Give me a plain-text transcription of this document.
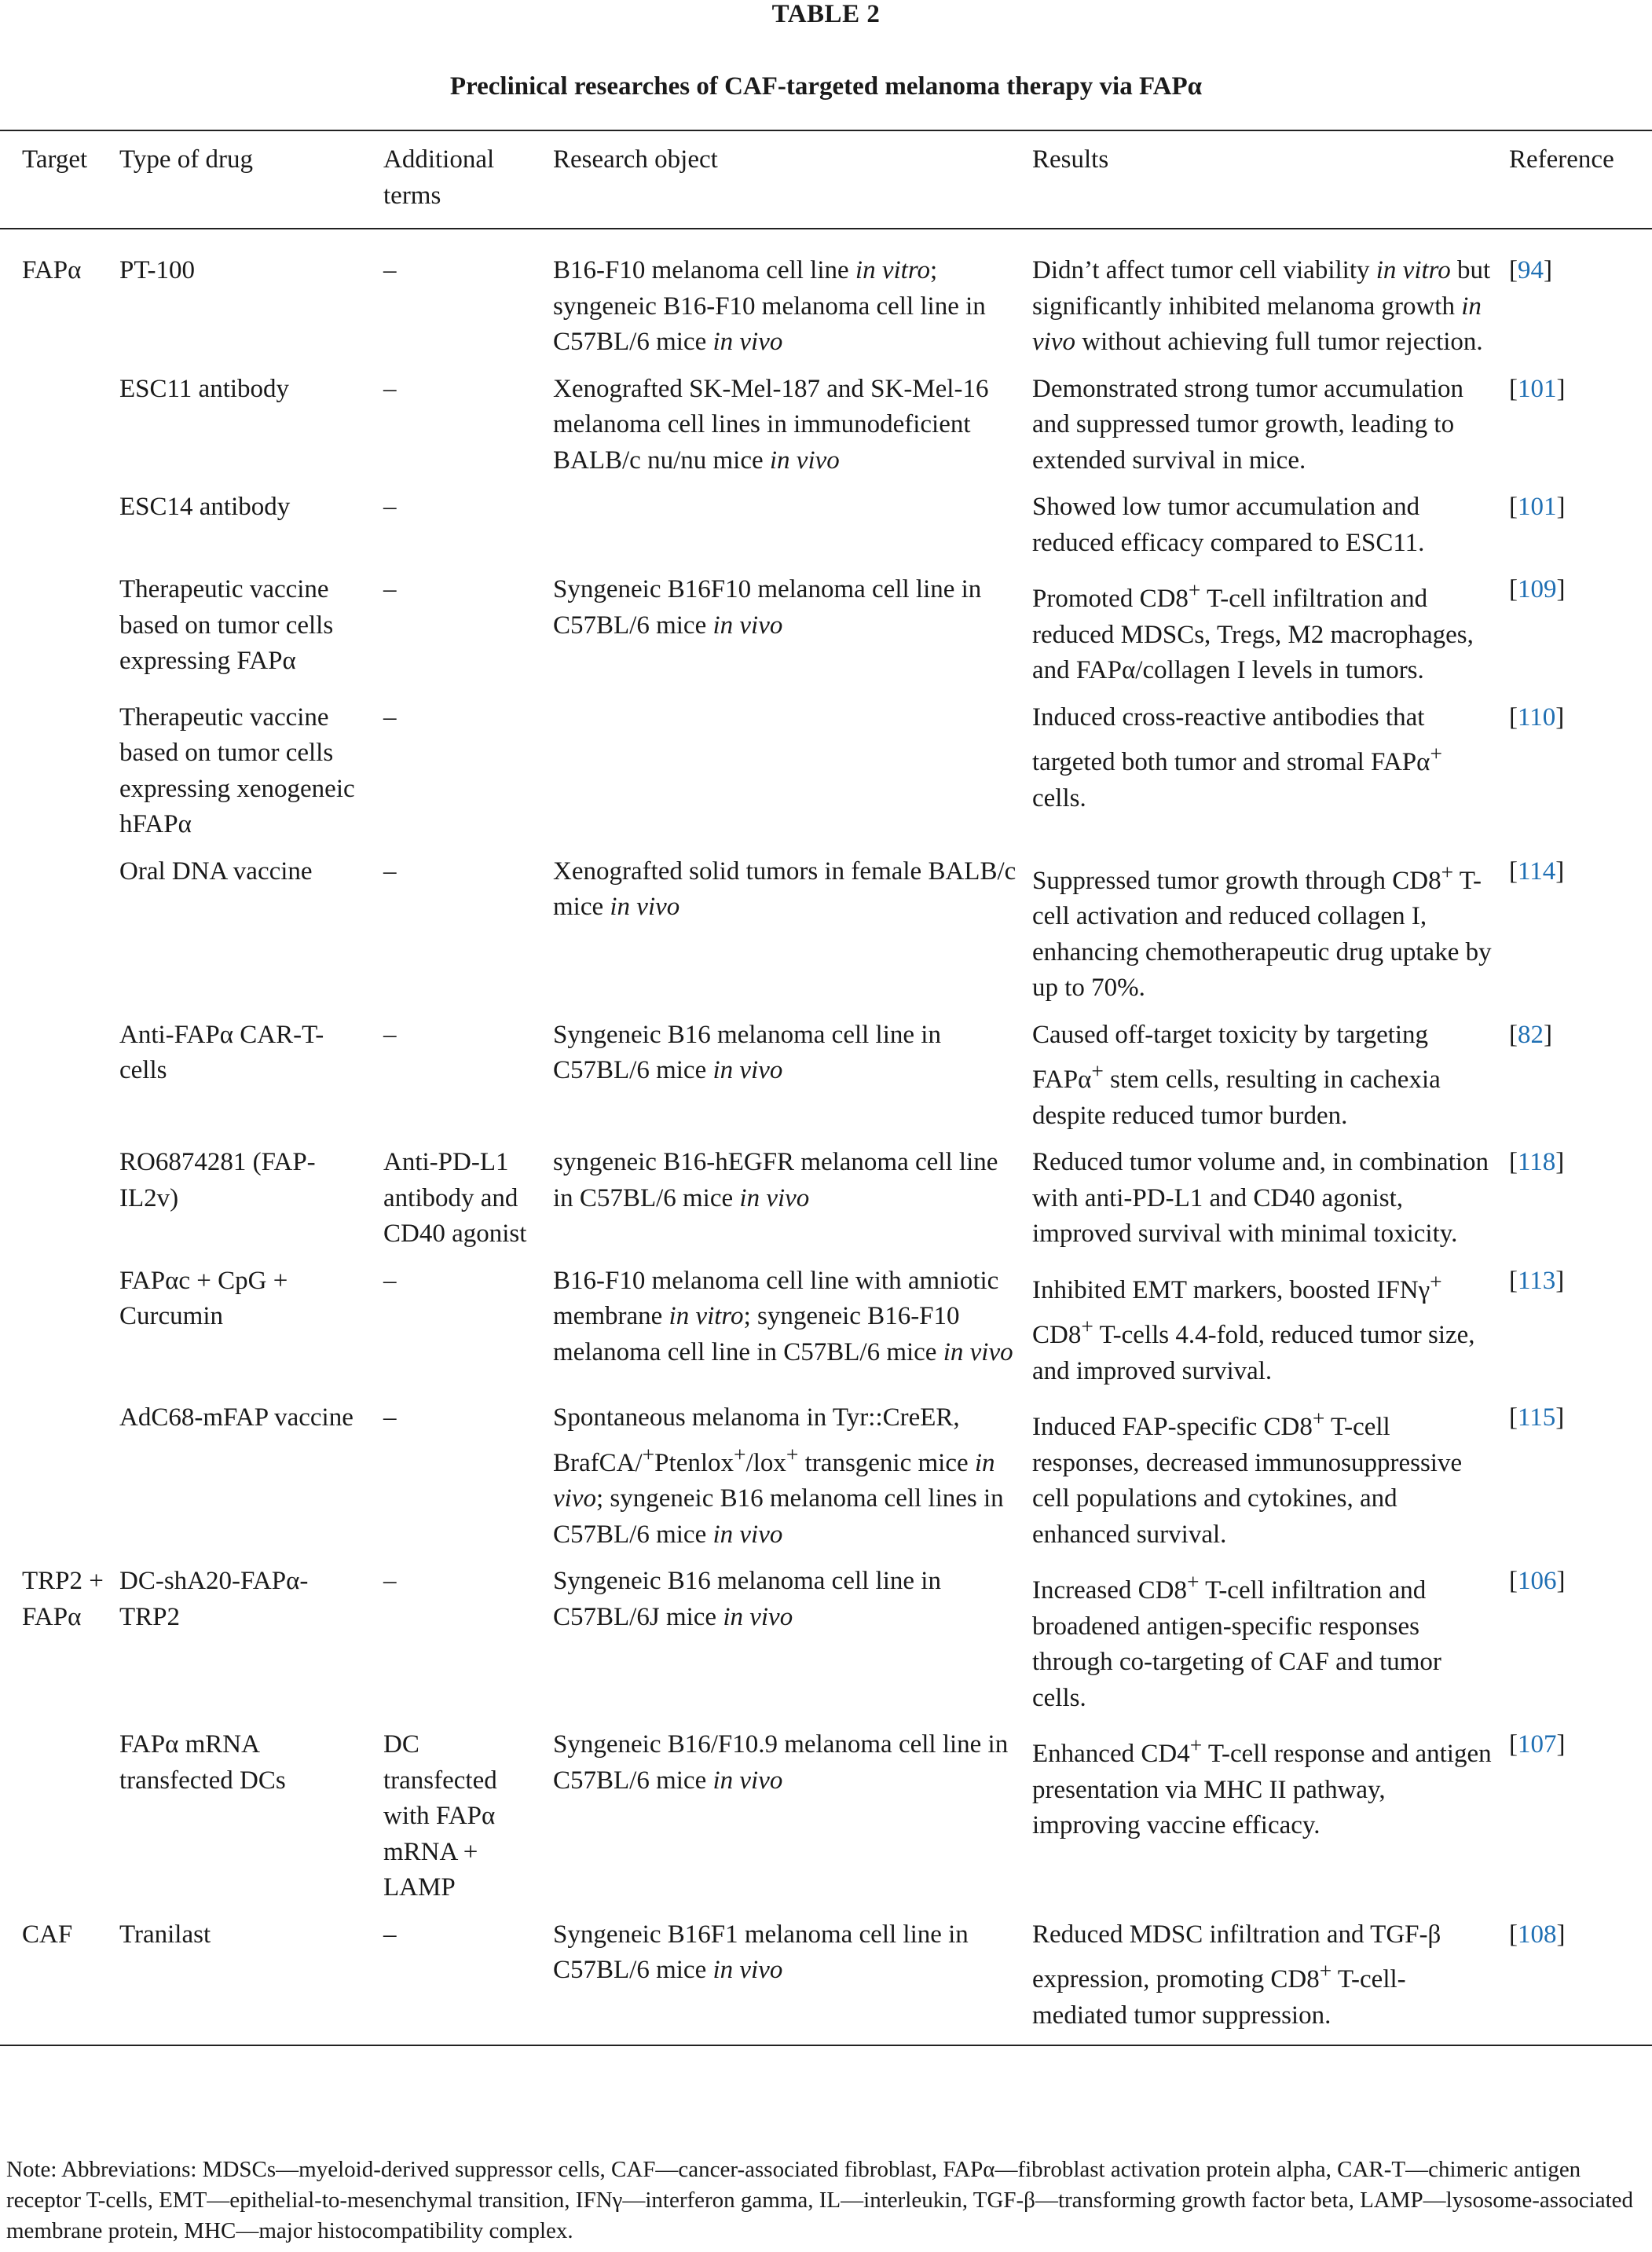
TABLE 2
Preclinical researches of CAF-targeted melanoma therapy via FAPα
Target	Type of drug	Additional terms	Research object	Results	Reference
FAPα	PT-100	–	B16-F10 melanoma cell line in vitro; syngeneic B16-F10 melanoma cell line in C57BL/6 mice in vivo	Didn’t affect tumor cell viability in vitro but significantly inhibited melanoma growth in vivo without achieving full tumor rejection.	[94]
	ESC11 antibody	–	Xenografted SK-Mel-187 and SK-Mel-16 melanoma cell lines in immunodeficient BALB/c nu/nu mice in vivo	Demonstrated strong tumor accumulation and suppressed tumor growth, leading to extended survival in mice.	[101]
	ESC14 antibody	–		Showed low tumor accumulation and reduced efficacy compared to ESC11.	[101]
	Therapeutic vaccine based on tumor cells expressing FAPα	–	Syngeneic B16F10 melanoma cell line in C57BL/6 mice in vivo	Promoted CD8+ T-cell infiltration and reduced MDSCs, Tregs, M2 macrophages, and FAPα/collagen I levels in tumors.	[109]
	Therapeutic vaccine based on tumor cells expressing xenogeneic hFAPα	–		Induced cross-reactive antibodies that targeted both tumor and stromal FAPα+ cells.	[110]
	Oral DNA vaccine	–	Xenografted solid tumors in female BALB/c mice in vivo	Suppressed tumor growth through CD8+ T-cell activation and reduced collagen I, enhancing chemotherapeutic drug uptake by up to 70%.	[114]
	Anti-FAPα CAR-T-cells	–	Syngeneic B16 melanoma cell line in C57BL/6 mice in vivo	Caused off-target toxicity by targeting FAPα+ stem cells, resulting in cachexia despite reduced tumor burden.	[82]
	RO6874281 (FAP-IL2v)	Anti-PD-L1 antibody and CD40 agonist	syngeneic B16-hEGFR melanoma cell line in C57BL/6 mice in vivo	Reduced tumor volume and, in combination with anti-PD-L1 and CD40 agonist, improved survival with minimal toxicity.	[118]
	FAPαc + CpG + Curcumin	–	B16-F10 melanoma cell line with amniotic membrane in vitro; syngeneic B16-F10 melanoma cell line in C57BL/6 mice in vivo	Inhibited EMT markers, boosted IFNγ+ CD8+ T-cells 4.4-fold, reduced tumor size, and improved survival.	[113]
	AdC68-mFAP vaccine	–	Spontaneous melanoma in Tyr::CreER, BrafCA/+Ptenlox+/lox+ transgenic mice in vivo; syngeneic B16 melanoma cell lines in C57BL/6 mice in vivo	Induced FAP-specific CD8+ T-cell responses, decreased immunosuppressive cell populations and cytokines, and enhanced survival.	[115]
TRP2 + FAPα	DC-shA20-FAPα-TRP2	–	Syngeneic B16 melanoma cell line in C57BL/6J mice in vivo	Increased CD8+ T-cell infiltration and broadened antigen-specific responses through co-targeting of CAF and tumor cells.	[106]
	FAPα mRNA transfected DCs	DC transfected with FAPα mRNA + LAMP	Syngeneic B16/F10.9 melanoma cell line in C57BL/6 mice in vivo	Enhanced CD4+ T-cell response and antigen presentation via MHC II pathway, improving vaccine efficacy.	[107]
CAF	Tranilast	–	Syngeneic B16F1 melanoma cell line in C57BL/6 mice in vivo	Reduced MDSC infiltration and TGF-β expression, promoting CD8+ T-cell-mediated tumor suppression.	[108]
Note: Abbreviations: MDSCs—myeloid-derived suppressor cells, CAF—cancer-associated fibroblast, FAPα—fibroblast activation protein alpha, CAR-T—chimeric antigen receptor T-cells, EMT—epithelial-to-mesenchymal transition, IFNγ—interferon gamma, IL—interleukin, TGF-β—transforming growth factor beta, LAMP—lysosome-associated membrane protein, MHC—major histocompatibility complex.
